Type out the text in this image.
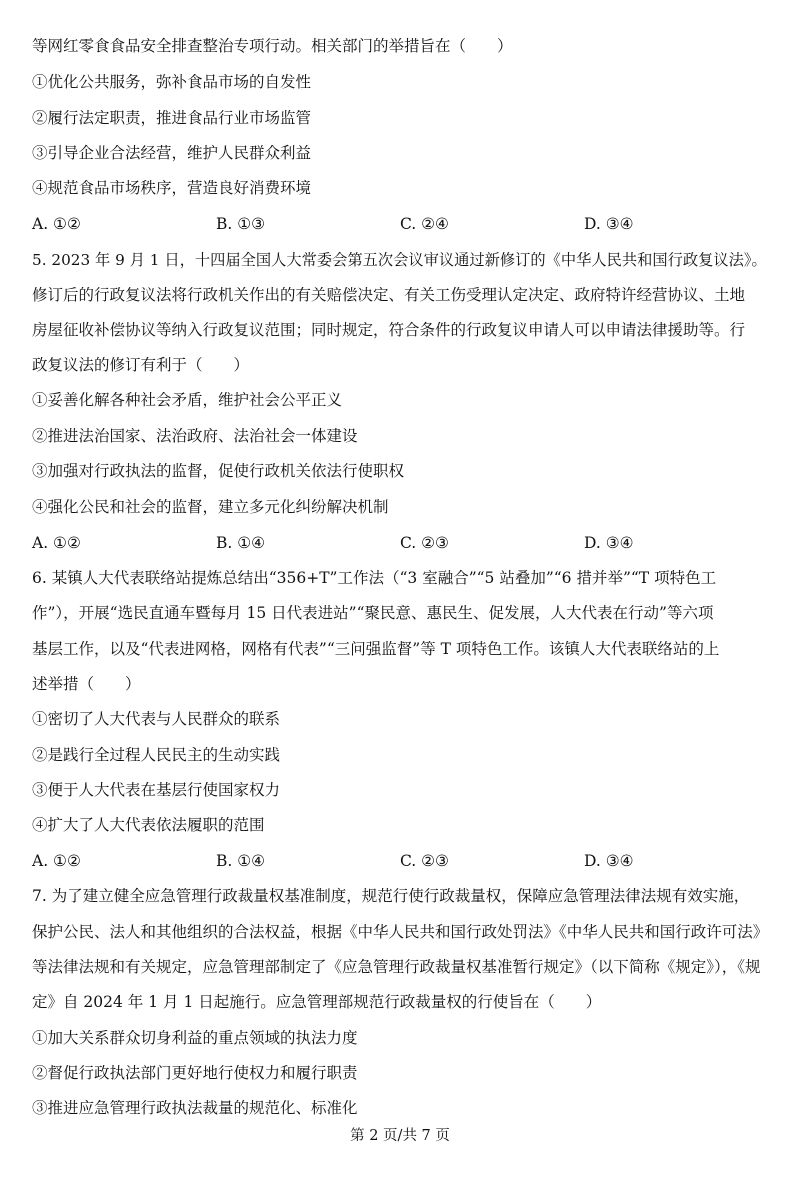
等网红零食食品安全排查整治专项行动。相关部门的举措旨在（　　）
①优化公共服务，弥补食品市场的自发性
②履行法定职责，推进食品行业市场监管
③引导企业合法经营，维护人民群众利益
④规范食品市场秩序，营造良好消费环境
A. ①②	B. ①③	C. ②④	D. ③④
5. 2023 年 9 月 1 日，十四届全国人大常委会第五次会议审议通过新修订的《中华人民共和国行政复议法》。
修订后的行政复议法将行政机关作出的有关赔偿决定、有关工伤受理认定决定、政府特许经营协议、土地
房屋征收补偿协议等纳入行政复议范围；同时规定，符合条件的行政复议申请人可以申请法律援助等。行
政复议法的修订有利于（　　）
①妥善化解各种社会矛盾，维护社会公平正义
②推进法治国家、法治政府、法治社会一体建设
③加强对行政执法的监督，促使行政机关依法行使职权
④强化公民和社会的监督，建立多元化纠纷解决机制
A. ①②	B. ①④	C. ②③	D. ③④
6. 某镇人大代表联络站提炼总结出“356+T”工作法（“3 室融合”“5 站叠加”“6 措并举”“T 项特色工
作”），开展“选民直通车暨每月 15 日代表进站”“聚民意、惠民生、促发展，人大代表在行动”等六项
基层工作，以及“代表进网格，网格有代表”“三问强监督”等 T 项特色工作。该镇人大代表联络站的上
述举措（　　）
①密切了人大代表与人民群众的联系
②是践行全过程人民民主的生动实践
③便于人大代表在基层行使国家权力
④扩大了人大代表依法履职的范围
A. ①②	B. ①④	C. ②③	D. ③④
7. 为了建立健全应急管理行政裁量权基准制度，规范行使行政裁量权，保障应急管理法律法规有效实施，
保护公民、法人和其他组织的合法权益，根据《中华人民共和国行政处罚法》《中华人民共和国行政许可法》
等法律法规和有关规定，应急管理部制定了《应急管理行政裁量权基准暂行规定》（以下简称《规定》），《规
定》自 2024 年 1 月 1 日起施行。应急管理部规范行政裁量权的行使旨在（　　）
①加大关系群众切身利益的重点领域的执法力度
②督促行政执法部门更好地行使权力和履行职责
③推进应急管理行政执法裁量的规范化、标准化
第 2 页/共 7 页
